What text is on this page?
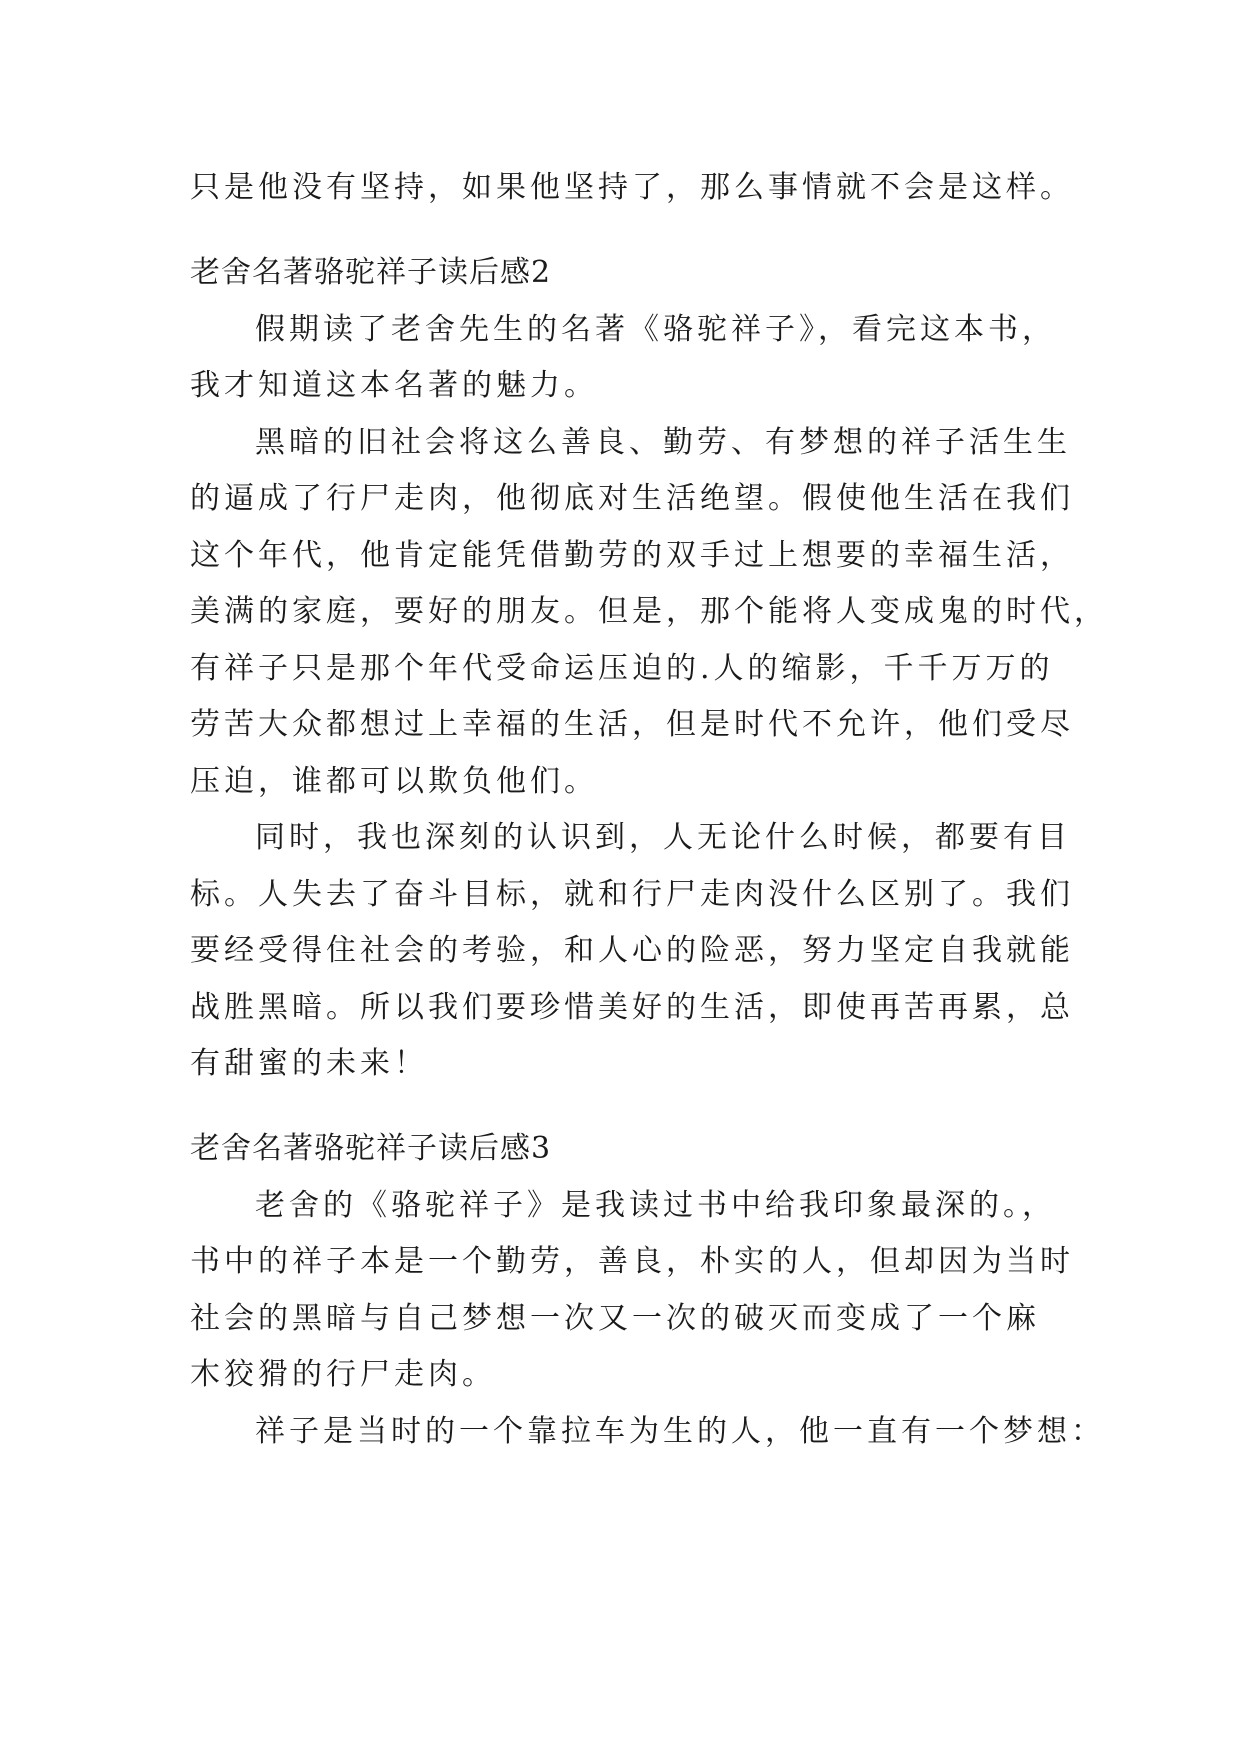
只是他没有坚持，如果他坚持了，那么事情就不会是这样。
老舍名著骆驼祥子读后感2
假期读了老舍先生的名著《骆驼祥子》，看完这本书，
我才知道这本名著的魅力。
黑暗的旧社会将这么善良、勤劳、有梦想的祥子活生生
的逼成了行尸走肉，他彻底对生活绝望。假使他生活在我们
这个年代，他肯定能凭借勤劳的双手过上想要的幸福生活，
美满的家庭，要好的朋友。但是，那个能将人变成鬼的时代，
有祥子只是那个年代受命运压迫的.人的缩影，千千万万的
劳苦大众都想过上幸福的生活，但是时代不允许，他们受尽
压迫，谁都可以欺负他们。
同时，我也深刻的认识到，人无论什么时候，都要有目
标。人失去了奋斗目标，就和行尸走肉没什么区别了。我们
要经受得住社会的考验，和人心的险恶，努力坚定自我就能
战胜黑暗。所以我们要珍惜美好的生活，即使再苦再累，总
有甜蜜的未来！
老舍名著骆驼祥子读后感3
老舍的《骆驼祥子》是我读过书中给我印象最深的。，
书中的祥子本是一个勤劳，善良，朴实的人，但却因为当时
社会的黑暗与自己梦想一次又一次的破灭而变成了一个麻
木狡猾的行尸走肉。
祥子是当时的一个靠拉车为生的人，他一直有一个梦想：
